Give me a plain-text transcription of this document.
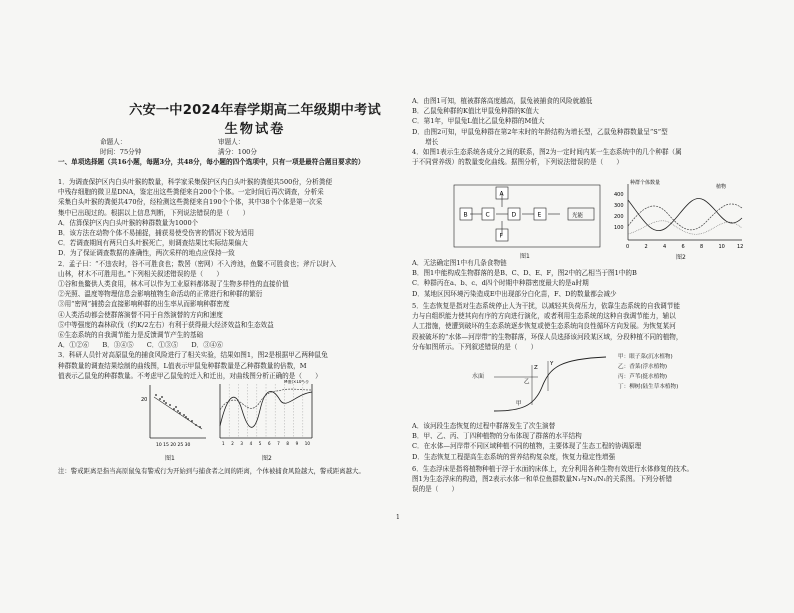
六安一中2024年春学期高二年级期中考试
生物试卷
命题人：	审题人：
时间：75分钟	满分：100分
一、单项选择题（共16小题，每题3分，共48分，每小题的四个选项中，只有一项是最符合题目要求的）
1．为调查保护区内白头叶猴的数量，科学家采集保护区内白头叶猴的粪便共500份，分析粪便
中残存细胞的微卫星DNA，鉴定出这些粪便来自200个个体。一定时间后再次调查，分析采
采集白头叶猴的粪便共470份，经检测这些粪便来自190个个体，其中38个个体是第一次采
集中已出现过的。根据以上信息判断，下列说法错误的是（　　）
A．估算保护区内白头叶猴的种群数量为1000个
B．该方法在动物个体不易捕捉，捕获易使受伤害的情况下较为适用
C．若调查期间有两只白头叶猴死亡，则调查结果比实际结果偏大
D．为了保证调查数据的准确性，两次采样的地点应保持一致
2．孟子曰：“不违农时，谷不可胜食也；数罟（密网）不入洿池，鱼鳖不可胜食也；斧斤以时入
山林，材木不可胜用也。”下列相关叙述错误的是（　　）
①谷和鱼鳖供人类食用，林木可以作为工业原料都体现了生物多样性的直接价值
②光照、温度等物理信息会影响植物生命活动的正常进行和种群的繁衍
③用“密网”捕捞会直接影响种群的出生率从而影响种群密度
④人类活动都会使群落演替不同于自然演替的方向和速度
⑤中等强度的森林砍伐（约K/2左右）有利于获得最大经济效益和生态效益
⑥生态系统的自我调节能力是反馈调节产生的基础
A．①②⑥　　B．③④⑤　　C．①③⑤　　D．③④⑥
3．科研人员针对高原鼠兔的捕食风险进行了相关实验，结果如图1，图2是根据甲乙两种鼠兔
种群数量的调查结果绘制的曲线图，L值表示甲鼠兔种群数量是乙种群数量的倍数，M
值表示乙鼠兔的种群数量。不考虑甲乙鼠兔的迁入和迁出，对曲线图分析正确的是（　　）
20
10 15 20 25 30
图1
M值(×10⁴只)
1 2 3 4 5 6 7 8 9 10
图2
注：警戒距离是指当高原鼠兔有警戒行为开始到与捕食者之间的距离，个体被捕食风险越大，警戒距离越大。
A．由图1可知，植被群落高度越高，鼠兔被捕食的风险就越低
B．乙鼠兔种群的K值比甲鼠兔种群的K值大
C．第1年，甲鼠兔L值比乙鼠兔种群的M值大
D．由图2可知，甲鼠兔种群在第2年末时的年龄结构为增长型，乙鼠兔种群数量呈“S”型
　　增长
4．如图1表示生态系统各成分之间的联系，图2为一定时间内某一生态系统中的几个种群（属
于不同营养级）的数量变化曲线。据图分析，下列说法错误的是（　　）
A．无法确定图1中有几条食物链
B．图1中能构成生物群落的是B、C、D、E、F，图2中的乙相当于图1中的B
C．种群丙在a、b、c、d四个时期中种群密度最大的是a时期
D．某地区因环境污染造成E中出现部分白化苗，F、D的数量都会减少
5．生态恢复是指对生态系统停止人为干扰，以减轻其负荷压力，依靠生态系统的自我调节能
力与自组织能力使其向有序的方向进行演化，或者利用生态系统的这种自我调节能力，辅以
人工措施，使遭到破坏的生态系统逐步恢复或使生态系统向良性循环方向发展。为恢复某河
段被破坏的“水体—河岸带”的生物群落，环保人员选择该河段某区域，分段种植不同的植物，
分布如图所示。下列叙述错误的是（　　）
A．该河段生态恢复的过程中群落发生了次生演替
B．甲、乙、丙、丁四种植物的分布体现了群落的水平结构
C．在水体—河岸带不同区域种植不同的植物，主要体现了生态工程的协调原理
D．生态恢复工程提高生态系统的营养结构复杂度，恢复力稳定性增强
6．生态浮床是指将植物种植于浮于水面的床体上，充分利用各种生物有效进行水体修复的技术。
图1为生态浮床的构造，图2表示水体一和单位鱼群数量N₁与N₂/N₁的关系图。下列分析错
误的是（　　）
A
B	C	D	E
F
光能
图1
种群个体数量
植物
400
300
200
100
0	2	4	6	8	10 12
图2
Z
Y
甲
乙
水面
甲：眼子菜(沉水植物)
乙：香菜(浮水植物)
丙：芦苇(挺水植物)
丁：柳树(陆生草本植物)
1
